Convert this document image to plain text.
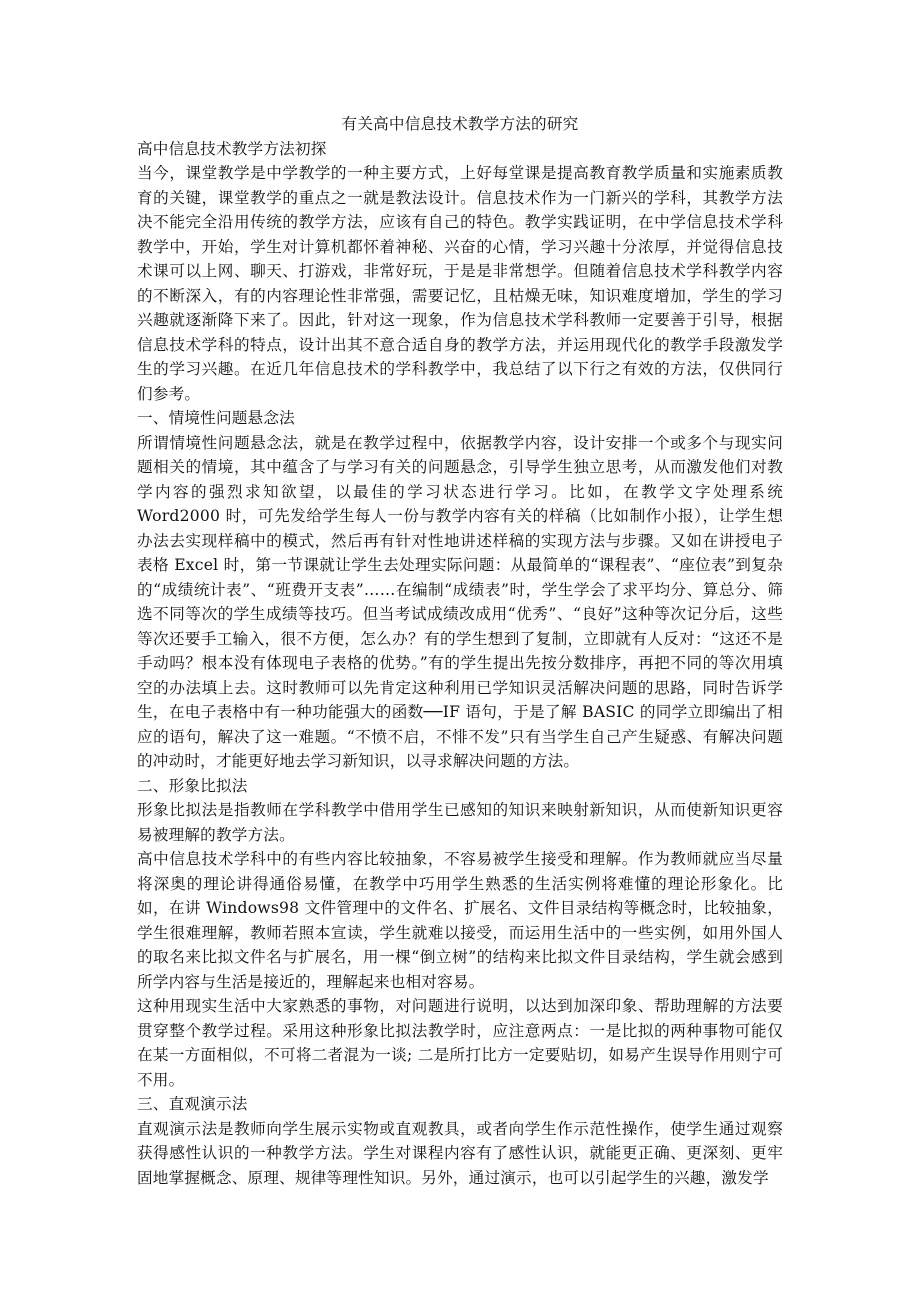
有关高中信息技术教学方法的研究
高中信息技术教学方法初探

当今，课堂教学是中学教学的一种主要方式，上好每堂课是提高教育教学质量和实施素质教育的关键，课堂教学的重点之一就是教法设计。信息技术作为一门新兴的学科，其教学方法决不能完全沿用传统的教学方法，应该有自己的特色。教学实践证明，在中学信息技术学科教学中，开始，学生对计算机都怀着神秘、兴奋的心情，学习兴趣十分浓厚，并觉得信息技术课可以上网、聊天、打游戏，非常好玩，于是是非常想学。但随着信息技术学科教学内容的不断深入，有的内容理论性非常强，需要记忆，且枯燥无味，知识难度增加，学生的学习兴趣就逐渐降下来了。因此，针对这一现象，作为信息技术学科教师一定要善于引导，根据信息技术学科的特点，设计出其不意合适自身的教学方法，并运用现代化的教学手段激发学生的学习兴趣。在近几年信息技术的学科教学中，我总结了以下行之有效的方法，仅供同行们参考。

一、情境性问题悬念法

所谓情境性问题悬念法，就是在教学过程中，依据教学内容，设计安排一个或多个与现实问题相关的情境，其中蕴含了与学习有关的问题悬念，引导学生独立思考，从而激发他们对教学内容的强烈求知欲望，以最佳的学习状态进行学习。比如，在教学文字处理系统 Word2000 时，可先发给学生每人一份与教学内容有关的样稿（比如制作小报），让学生想办法去实现样稿中的模式，然后再有针对性地讲述样稿的实现方法与步骤。又如在讲授电子表格 Excel 时，第一节课就让学生去处理实际问题：从最简单的“课程表”、“座位表”到复杂的“成绩统计表”、“班费开支表”……在编制“成绩表”时，学生学会了求平均分、算总分、筛选不同等次的学生成绩等技巧。但当考试成绩改成用“优秀”、“良好”这种等次记分后，这些等次还要手工输入，很不方便，怎么办？有的学生想到了复制，立即就有人反对：“这还不是手动吗？根本没有体现电子表格的优势。”有的学生提出先按分数排序，再把不同的等次用填空的办法填上去。这时教师可以先肯定这种利用已学知识灵活解决问题的思路，同时告诉学生，在电子表格中有一种功能强大的函数──IF 语句，于是了解 BASIC 的同学立即编出了相应的语句，解决了这一难题。“不愤不启，不悱不发”只有当学生自己产生疑惑、有解决问题的冲动时，才能更好地去学习新知识，以寻求解决问题的方法。

二、形象比拟法

形象比拟法是指教师在学科教学中借用学生已感知的知识来映射新知识，从而使新知识更容易被理解的教学方法。

高中信息技术学科中的有些内容比较抽象，不容易被学生接受和理解。作为教师就应当尽量将深奥的理论讲得通俗易懂，在教学中巧用学生熟悉的生活实例将难懂的理论形象化。比如，在讲 Windows98 文件管理中的文件名、扩展名、文件目录结构等概念时，比较抽象，学生很难理解，教师若照本宣读，学生就难以接受，而运用生活中的一些实例，如用外国人的取名来比拟文件名与扩展名，用一棵“倒立树”的结构来比拟文件目录结构，学生就会感到所学内容与生活是接近的，理解起来也相对容易。

这种用现实生活中大家熟悉的事物，对问题进行说明，以达到加深印象、帮助理解的方法要贯穿整个教学过程。采用这种形象比拟法教学时，应注意两点：一是比拟的两种事物可能仅在某一方面相似，不可将二者混为一谈; 二是所打比方一定要贴切，如易产生误导作用则宁可不用。

三、直观演示法

直观演示法是教师向学生展示实物或直观教具，或者向学生作示范性操作，使学生通过观察获得感性认识的一种教学方法。学生对课程内容有了感性认识，就能更正确、更深刻、更牢固地掌握概念、原理、规律等理性知识。另外，通过演示，也可以引起学生的兴趣，激发学
